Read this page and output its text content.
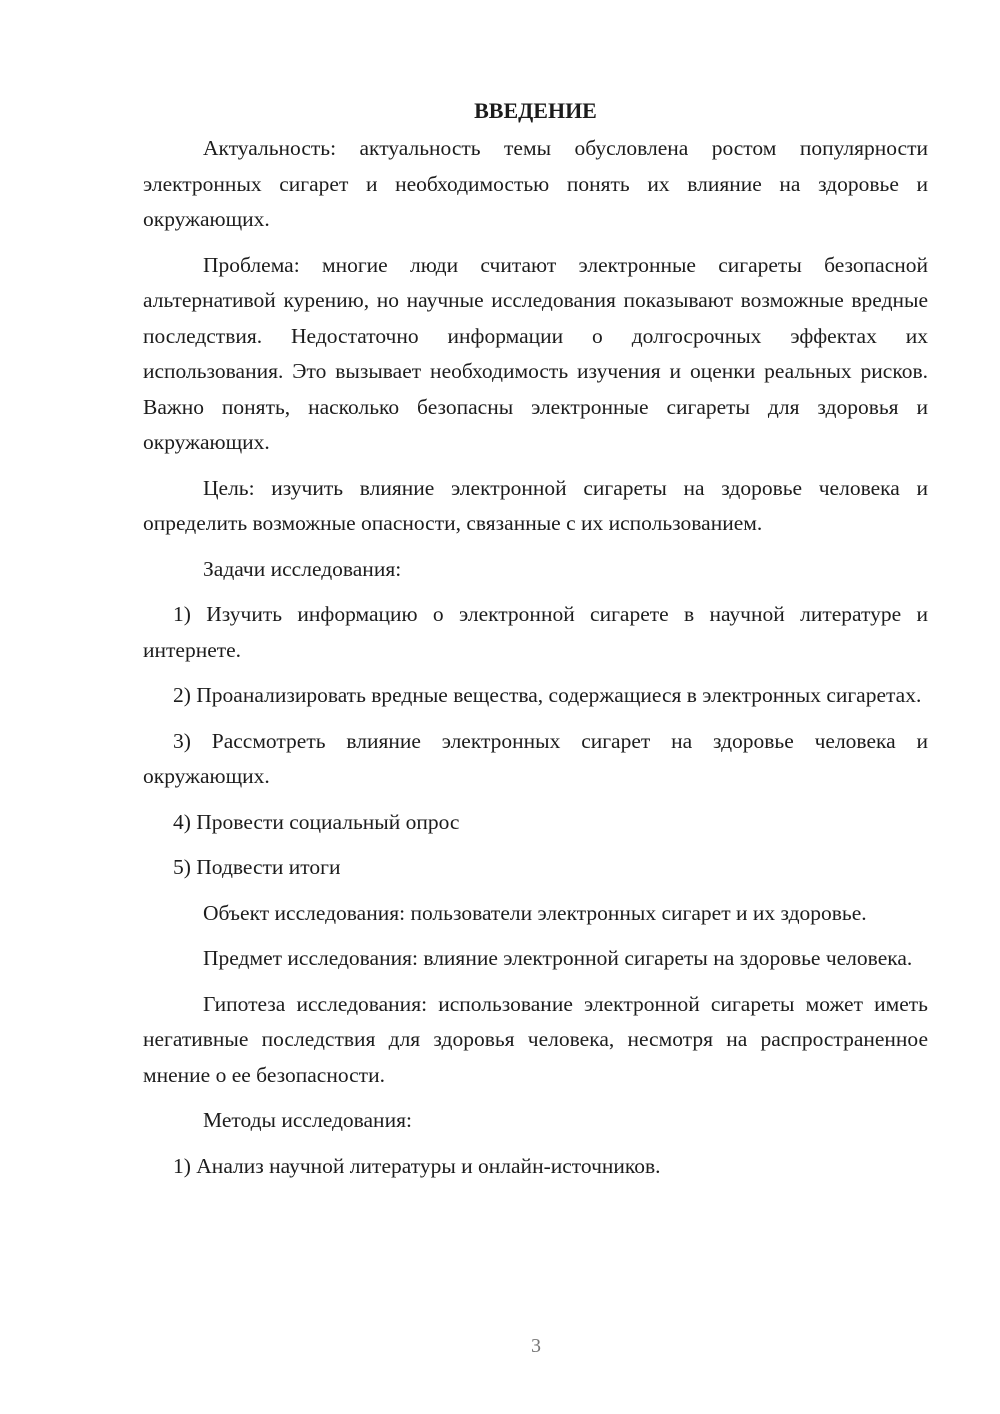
ВВЕДЕНИЕ

Актуальность: актуальность темы обусловлена ростом популярности электронных сигарет и необходимостью понять их влияние на здоровье и окружающих.

Проблема: многие люди считают электронные сигареты безопасной альтернативой курению, но научные исследования показывают возможные вредные последствия. Недостаточно информации о долгосрочных эффектах их использования. Это вызывает необходимость изучения и оценки реальных рисков. Важно понять, насколько безопасны электронные сигареты для здоровья и окружающих.

Цель: изучить влияние электронной сигареты на здоровье человека и определить возможные опасности, связанные с их использованием.

Задачи исследования:

1) Изучить информацию о электронной сигарете в научной литературе и интернете.

2) Проанализировать вредные вещества, содержащиеся в электронных сигаретах.

3) Рассмотреть влияние электронных сигарет на здоровье человека и окружающих.

4) Провести социальный опрос

5) Подвести итоги

Объект исследования: пользователи электронных сигарет и их здоровье.

Предмет исследования: влияние электронной сигареты на здоровье человека.

Гипотеза исследования: использование электронной сигареты может иметь негативные последствия для здоровья человека, несмотря на распространенное мнение о ее безопасности.

Методы исследования:

1) Анализ научной литературы и онлайн-источников.

3
